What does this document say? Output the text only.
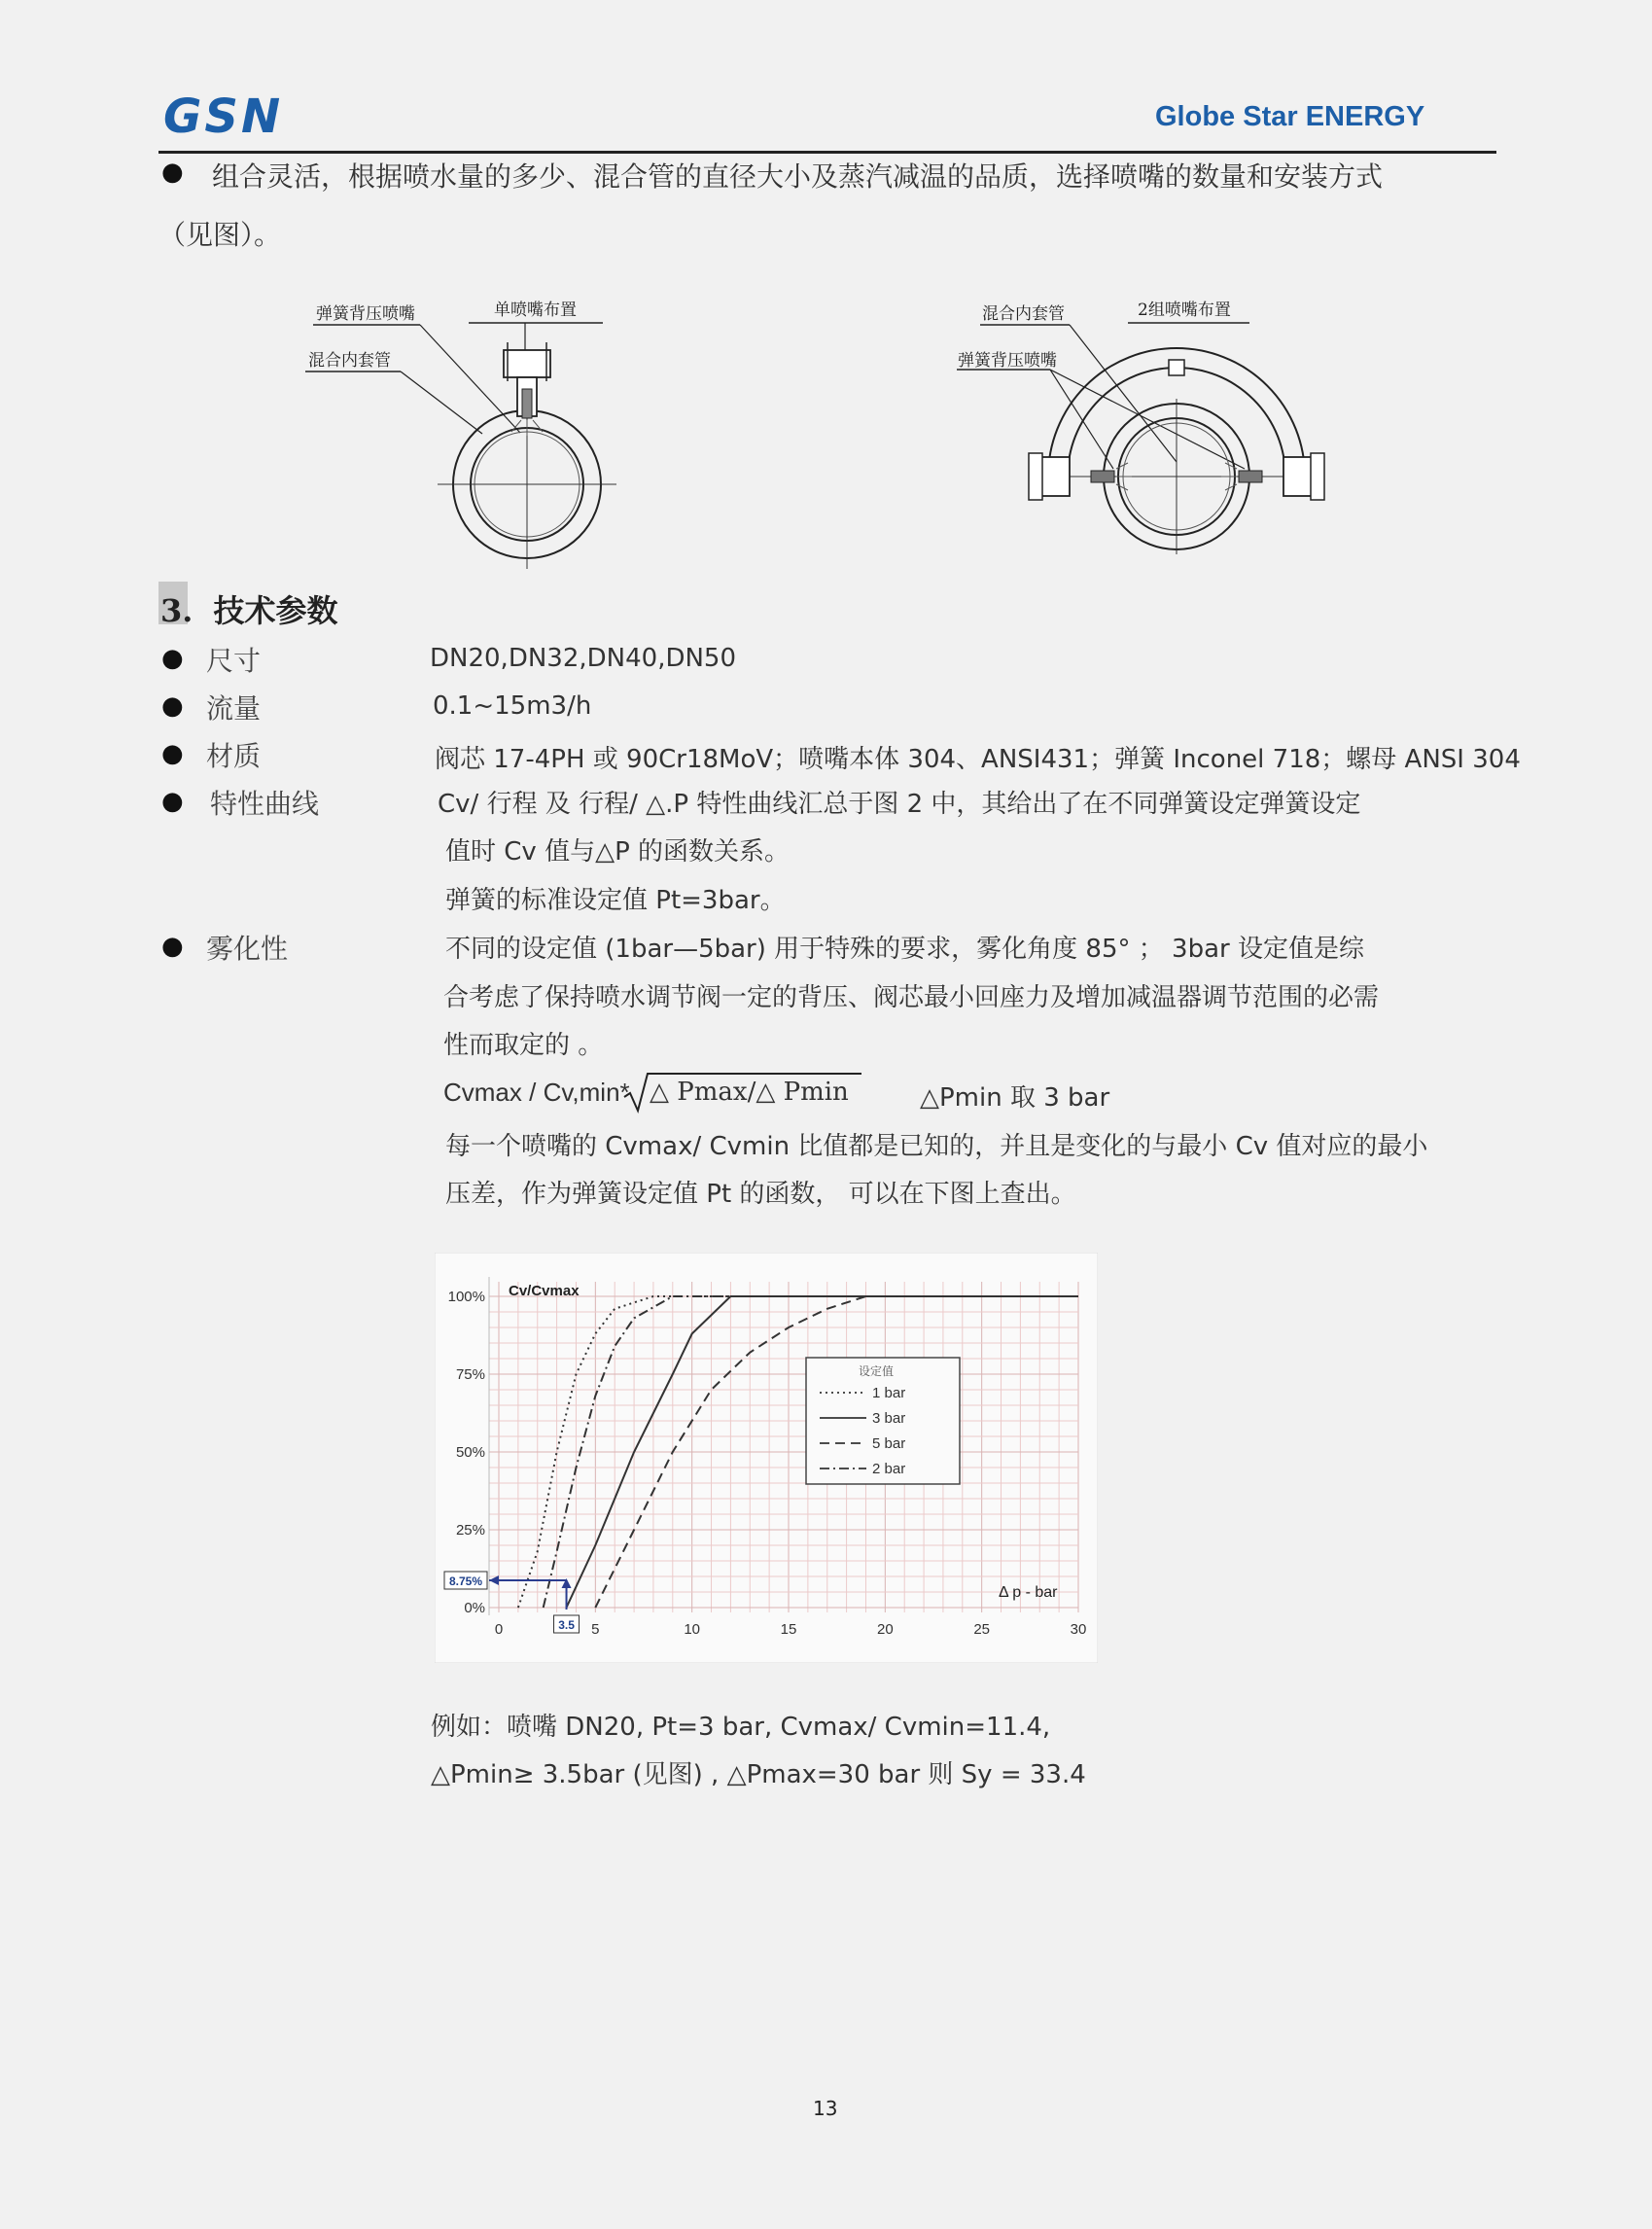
GSN	Globe Star ENERGY
● 组合灵活，根据喷水量的多少、混合管的直径大小及蒸汽减温的品质，选择喷嘴的数量和安装方式
（见图）。
弹簧背压喷嘴	单喷嘴布置
混合内套管
混合内套管	2组喷嘴布置
弹簧背压喷嘴
3. 技术参数
● 尺寸	DN20,DN32,DN40,DN50
● 流量	0.1~15m3/h
● 材质	阀芯 17-4PH 或 90Cr18MoV；喷嘴本体 304、ANSI431；弹簧 Inconel 718；螺母 ANSI 304
● 特性曲线	Cv/ 行程 及 行程/ △.P 特性曲线汇总于图 2 中，其给出了在不同弹簧设定弹簧设定
值时 Cv 值与△P 的函数关系。
弹簧的标准设定值 Pt=3bar。
● 雾化性	不同的设定值 (1bar—5bar) 用于特殊的要求，雾化角度 85° ； 3bar 设定值是综
合考虑了保持喷水调节阀一定的背压、阀芯最小回座力及增加减温器调节范围的必需
性而取定的 。
Cvmax / Cv,min* △ Pmax/△ Pmin	△Pmin 取 3 bar
每一个喷嘴的 Cvmax/ Cvmin 比值都是已知的，并且是变化的与最小 Cv 值对应的最小
压差，作为弹簧设定值 Pt 的函数， 可以在下图上查出。
0	5	10	15	20	25	30
100%
75%
50%
25%
0%
Cv/Cvmax
Δ p - bar
设定值
1 bar
3 bar
5 bar
2 bar
8.75%
3.5
例如：喷嘴 DN20, Pt=3 bar, Cvmax/ Cvmin=11.4,
△Pmin≥ 3.5bar (见图) , △Pmax=30 bar 则 Sy = 33.4
13
